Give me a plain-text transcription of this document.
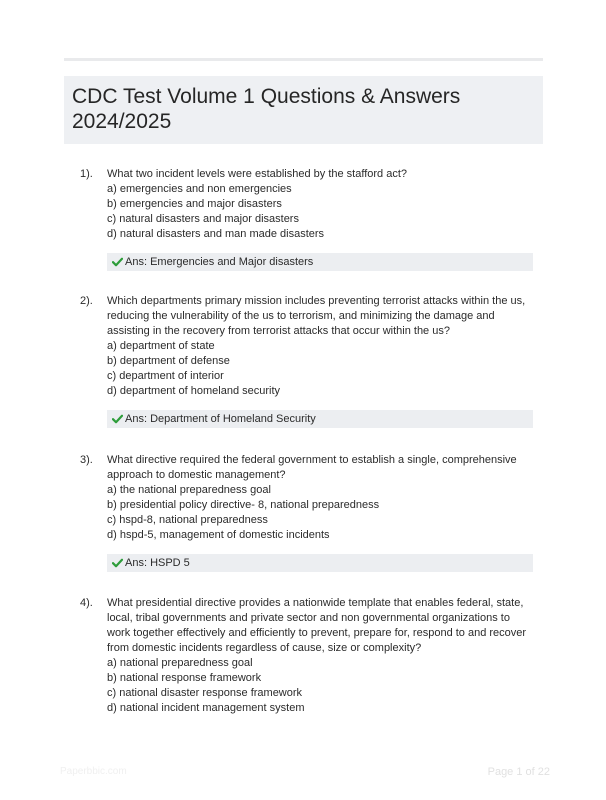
CDC Test Volume 1 Questions & Answers
2024/2025
1). What two incident levels were established by the stafford act?

a) emergencies and non emergencies

b) emergencies and major disasters

c) natural disasters and major disasters

d) natural disasters and man made disasters

Ans: Emergencies and Major disasters
2). Which departments primary mission includes preventing terrorist attacks within the us, reducing the vulnerability of the us to terrorism, and minimizing the damage and assisting in the recovery from terrorist attacks that occur within the us?

a) department of state

b) department of defense

c) department of interior

d) department of homeland security

Ans: Department of Homeland Security
3). What directive required the federal government to establish a single, comprehensive approach to domestic management?

a) the national preparedness goal

b) presidential policy directive- 8, national preparedness

c) hspd-8, national preparedness

d) hspd-5, management of domestic incidents

Ans: HSPD 5
4). What presidential directive provides a nationwide template that enables federal, state, local, tribal governments and private sector and non governmental organizations to work together effectively and efficiently to prevent, prepare for, respond to and recover from domestic incidents regardless of cause, size or complexity?

a) national preparedness goal

b) national response framework

c) national disaster response framework

d) national incident management system

Paperbbic.com	Page 1 of 22
